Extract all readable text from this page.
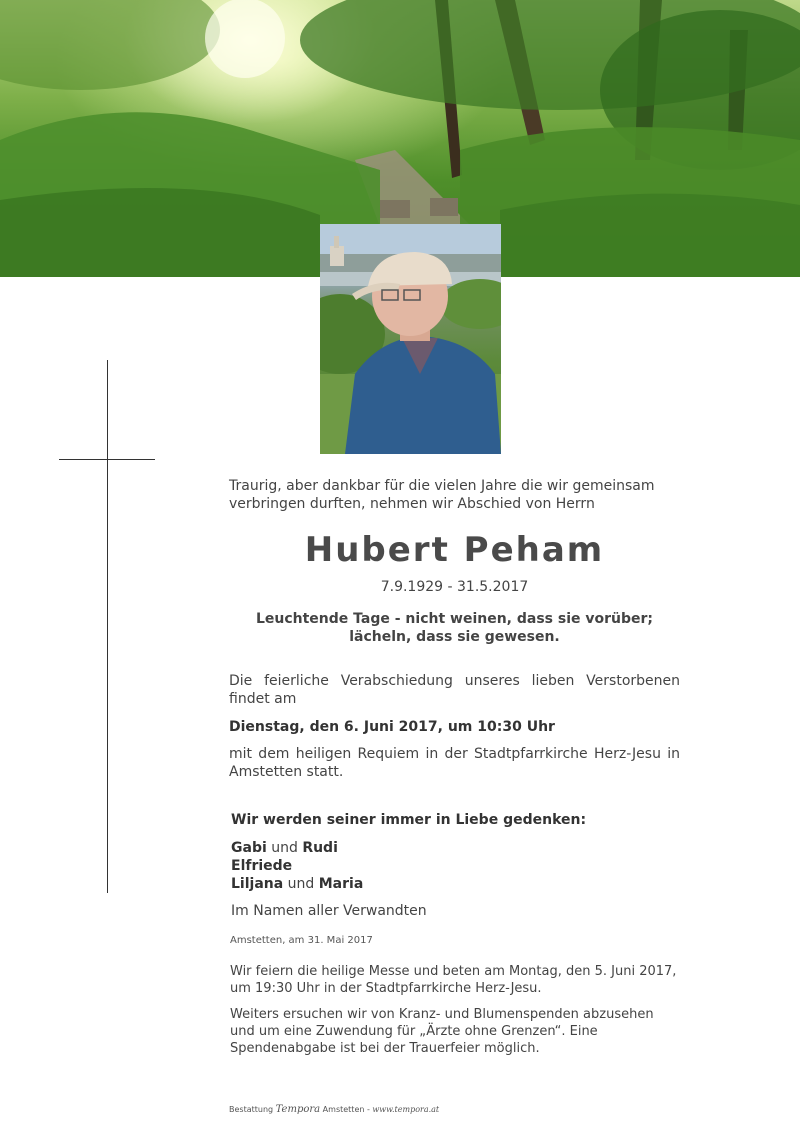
Traurig, aber dankbar für die vielen Jahre die wir gemeinsam verbringen durften, nehmen wir Abschied von Herrn
Hubert Peham
7.9.1929 - 31.5.2017
Leuchtende Tage - nicht weinen, dass sie vorüber;
lächeln, dass sie gewesen.
Die feierliche Verabschiedung unseres lieben Verstorbenen findet am
Dienstag, den 6. Juni 2017, um 10:30 Uhr
mit dem heiligen Requiem in der Stadtpfarrkirche Herz-Jesu in Amstetten statt.
Wir werden seiner immer in Liebe gedenken:
Gabi und Rudi
Elfriede
Liljana und Maria
Im Namen aller Verwandten
Amstetten, am 31. Mai 2017
Wir feiern die heilige Messe und beten am Montag, den 5. Juni 2017, um 19:30 Uhr in der Stadtpfarrkirche Herz-Jesu.
Weiters ersuchen wir von Kranz- und Blumenspenden abzusehen und um eine Zuwendung für „Ärzte ohne Grenzen“. Eine Spendenabgabe ist bei der Trauerfeier möglich.
Bestattung Tempora Amstetten - www.tempora.at
